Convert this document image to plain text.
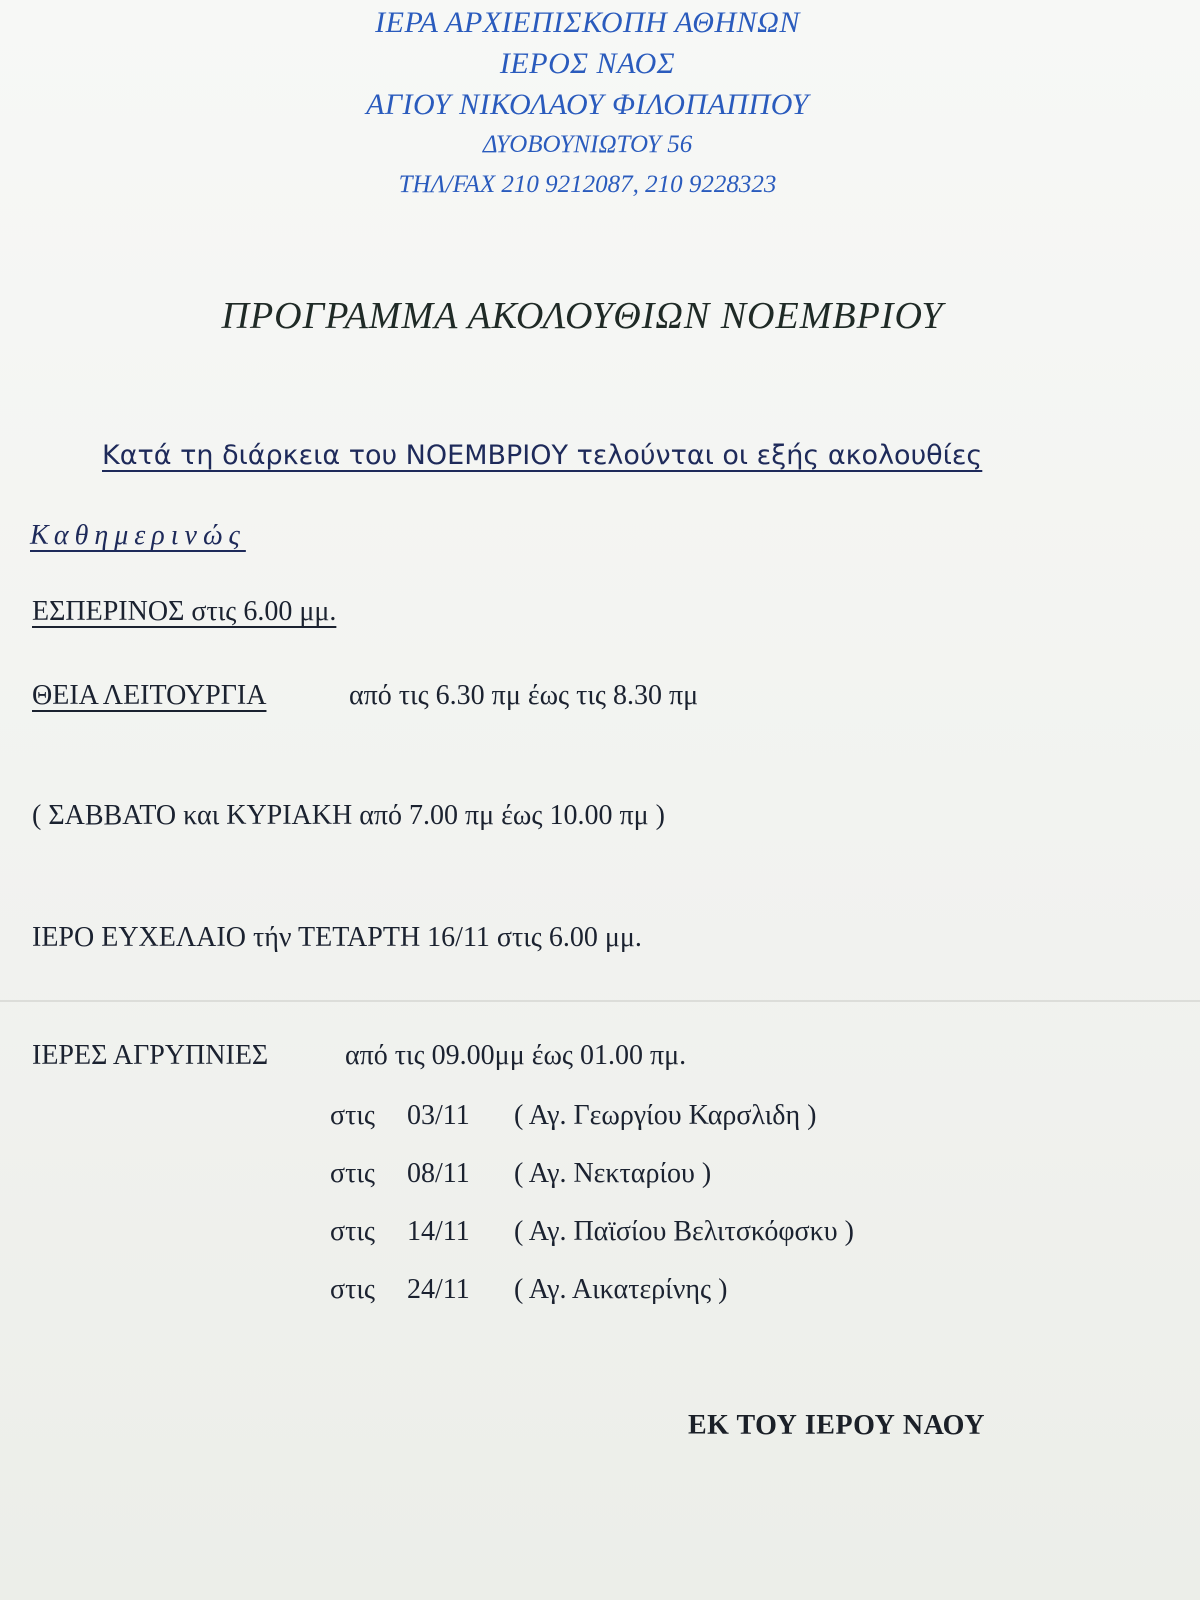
ΙΕΡΑ ΑΡΧΙΕΠΙΣΚΟΠΗ ΑΘΗΝΩΝ
ΙΕΡΟΣ ΝΑΟΣ
ΑΓΙΟΥ ΝΙΚΟΛΑΟΥ ΦΙΛΟΠΑΠΠΟΥ
ΔΥΟΒΟΥΝΙΩΤΟΥ 56
ΤΗΛ/FAX 210 9212087, 210 9228323
ΠΡΟΓΡΑΜΜΑ ΑΚΟΛΟΥΘΙΩΝ ΝΟΕΜΒΡΙΟΥ
Κατά τη διάρκεια του ΝΟΕΜΒΡΙΟΥ τελούνται οι εξής ακολουθίες
Καθημερινώς
ΕΣΠΕΡΙΝΟΣ στις 6.00 μμ.
ΘΕΙΑ ΛΕΙΤΟΥΡΓΙΑ	από τις 6.30 πμ έως τις 8.30 πμ
( ΣΑΒΒΑΤΟ και ΚΥΡΙΑΚΗ από 7.00 πμ έως 10.00 πμ )
ΙΕΡΟ ΕΥΧΕΛΑΙΟ τήν ΤΕΤΑΡΤΗ 16/11 στις 6.00 μμ.
ΙΕΡΕΣ ΑΓΡΥΠΝΙΕΣ	από τις 09.00μμ έως 01.00 πμ.
στις 03/11 ( Αγ. Γεωργίου Καρσλιδη )
στις 08/11 ( Αγ. Νεκταρίου )
στις 14/11 ( Αγ. Παϊσίου Βελιτσκόφσκυ )
στις 24/11 ( Αγ. Αικατερίνης )
ΕΚ ΤΟΥ ΙΕΡΟΥ ΝΑΟΥ
